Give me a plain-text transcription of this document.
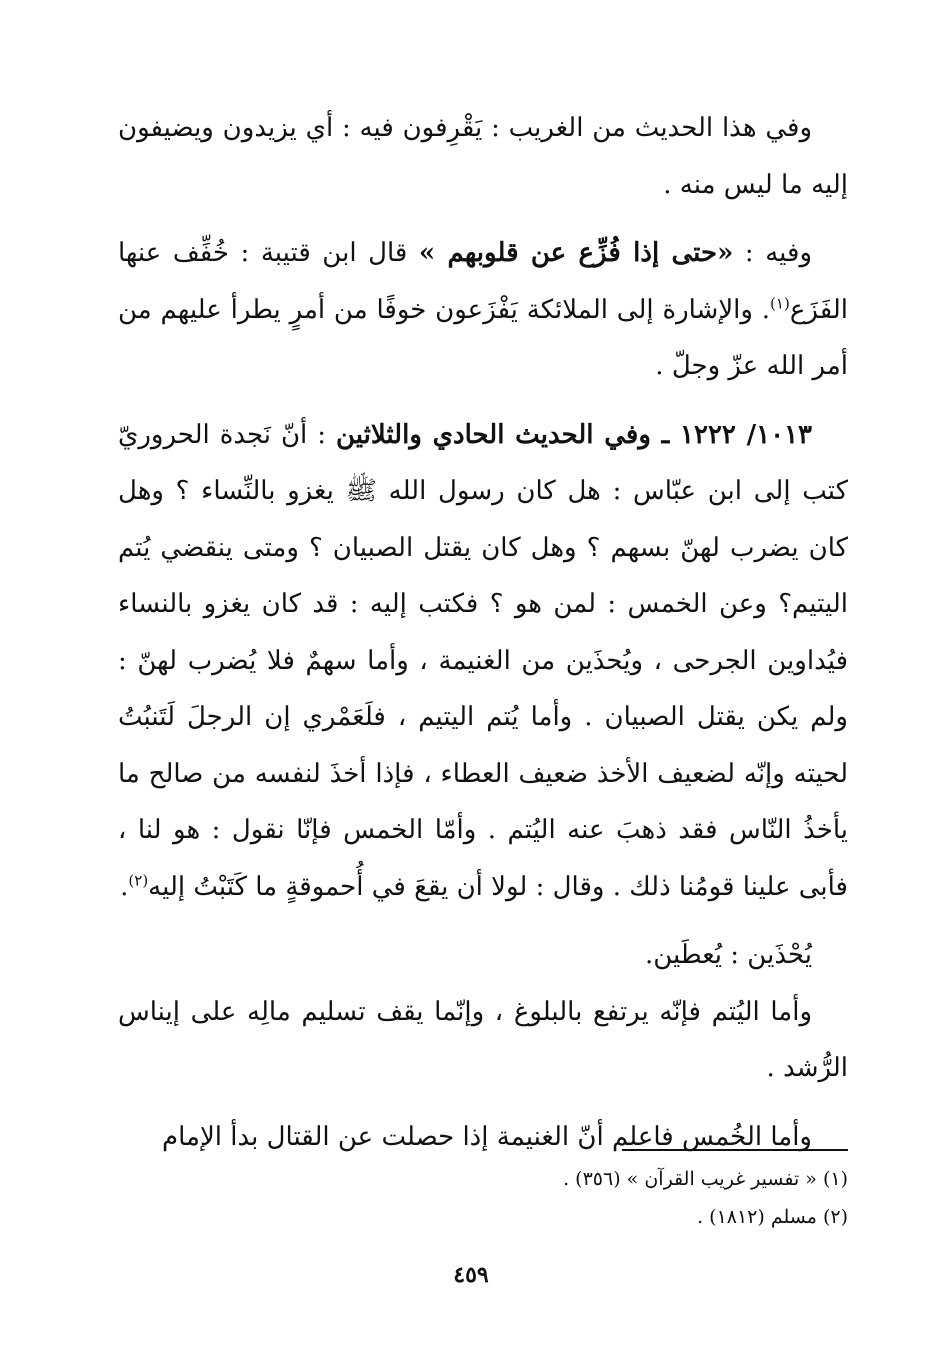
وفي هذا الحديث من الغريب : يَقْرِفون فيه : أي يزيدون ويضيفون إليه ما ليس منه .

وفيه : «حتى إذا فُزِّع عن قلوبهم » قال ابن قتيبة : خُفِّف عنها الفَزَع$^{(١)}$. والإشارة إلى الملائكة يَفْزَعون خوفًا من أمرٍ يطرأ عليهم من أمر الله عزّ وجلّ .

١٠١٣/ ١٢٢٢ ـ وفي الحديث الحادي والثلاثين : أنّ نَجدة الحروريّ كتب إلى ابن عبّاس : هل كان رسول الله ﷺ يغزو بالنِّساء ؟ وهل كان يضرب لهنّ بسهم ؟ وهل كان يقتل الصبيان ؟ ومتى ينقضي يُتم اليتيم؟ وعن الخمس : لمن هو ؟ فكتب إليه : قد كان يغزو بالنساء فيُداوين الجرحى ، ويُحذَين من الغنيمة ، وأما سهمٌ فلا يُضرب لهنّ : ولم يكن يقتل الصبيان . وأما يُتم اليتيم ، فلَعَمْري إن الرجلَ لَتَنبُتُ لحيته وإنّه لضعيف الأخذ ضعيف العطاء ، فإذا أخذَ لنفسه من صالح ما يأخذُ النّاس فقد ذهبَ عنه اليُتم . وأمّا الخمس فإنّا نقول : هو لنا ، فأبى علينا قومُنا ذلك . وقال : لولا أن يقعَ في أُحموقةٍ ما كَتَبْتُ إليه$^{(٢)}$.

يُحْذَين : يُعطَين.

وأما اليُتم فإنّه يرتفع بالبلوغ ، وإنّما يقف تسليم مالِه على إيناس الرُّشد .

وأما الخُمس فاعلم أنّ الغنيمة إذا حصلت عن القتال بدأ الإمام

(١) « تفسير غريب القرآن » (٣٥٦) .

(٢) مسلم (١٨١٢) .

٤٥٩
